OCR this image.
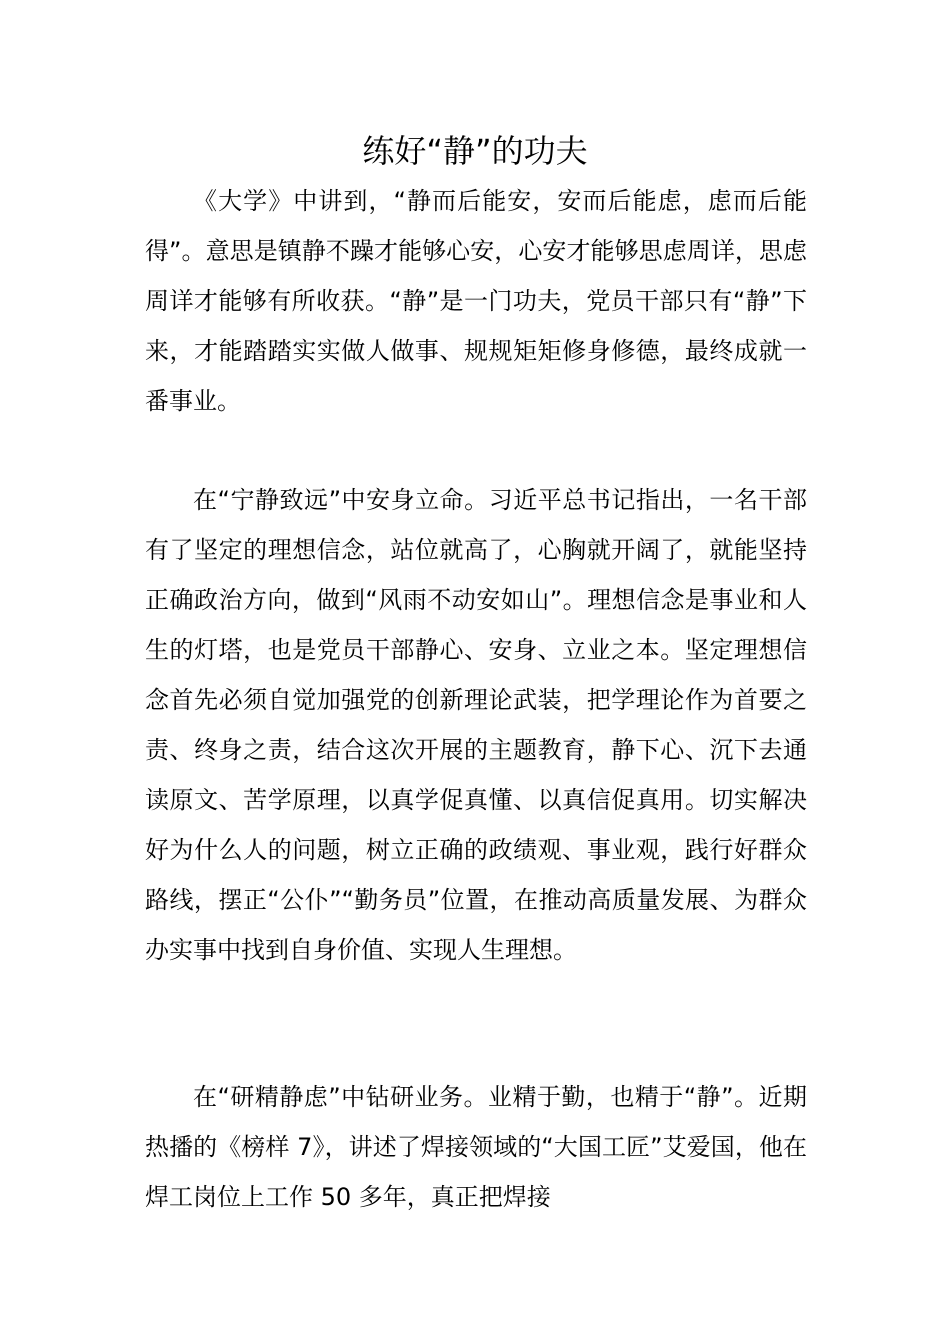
练好“静”的功夫

《大学》中讲到，“静而后能安，安而后能虑，虑而后能得”。意思是镇静不躁才能够心安，心安才能够思虑周详，思虑周详才能够有所收获。“静”是一门功夫，党员干部只有“静”下来，才能踏踏实实做人做事、规规矩矩修身修德，最终成就一番事业。

在“宁静致远”中安身立命。习近平总书记指出，一名干部有了坚定的理想信念，站位就高了，心胸就开阔了，就能坚持正确政治方向，做到“风雨不动安如山”。理想信念是事业和人生的灯塔，也是党员干部静心、安身、立业之本。坚定理想信念首先必须自觉加强党的创新理论武装，把学理论作为首要之责、终身之责，结合这次开展的主题教育，静下心、沉下去通读原文、苦学原理，以真学促真懂、以真信促真用。切实解决好为什么人的问题，树立正确的政绩观、事业观，践行好群众路线，摆正“公仆”“勤务员”位置，在推动高质量发展、为群众办实事中找到自身价值、实现人生理想。

在“研精静虑”中钻研业务。业精于勤，也精于“静”。近期热播的《榜样 7》，讲述了焊接领域的“大国工匠”艾爱国，他在焊工岗位上工作 50 多年，真正把焊接
